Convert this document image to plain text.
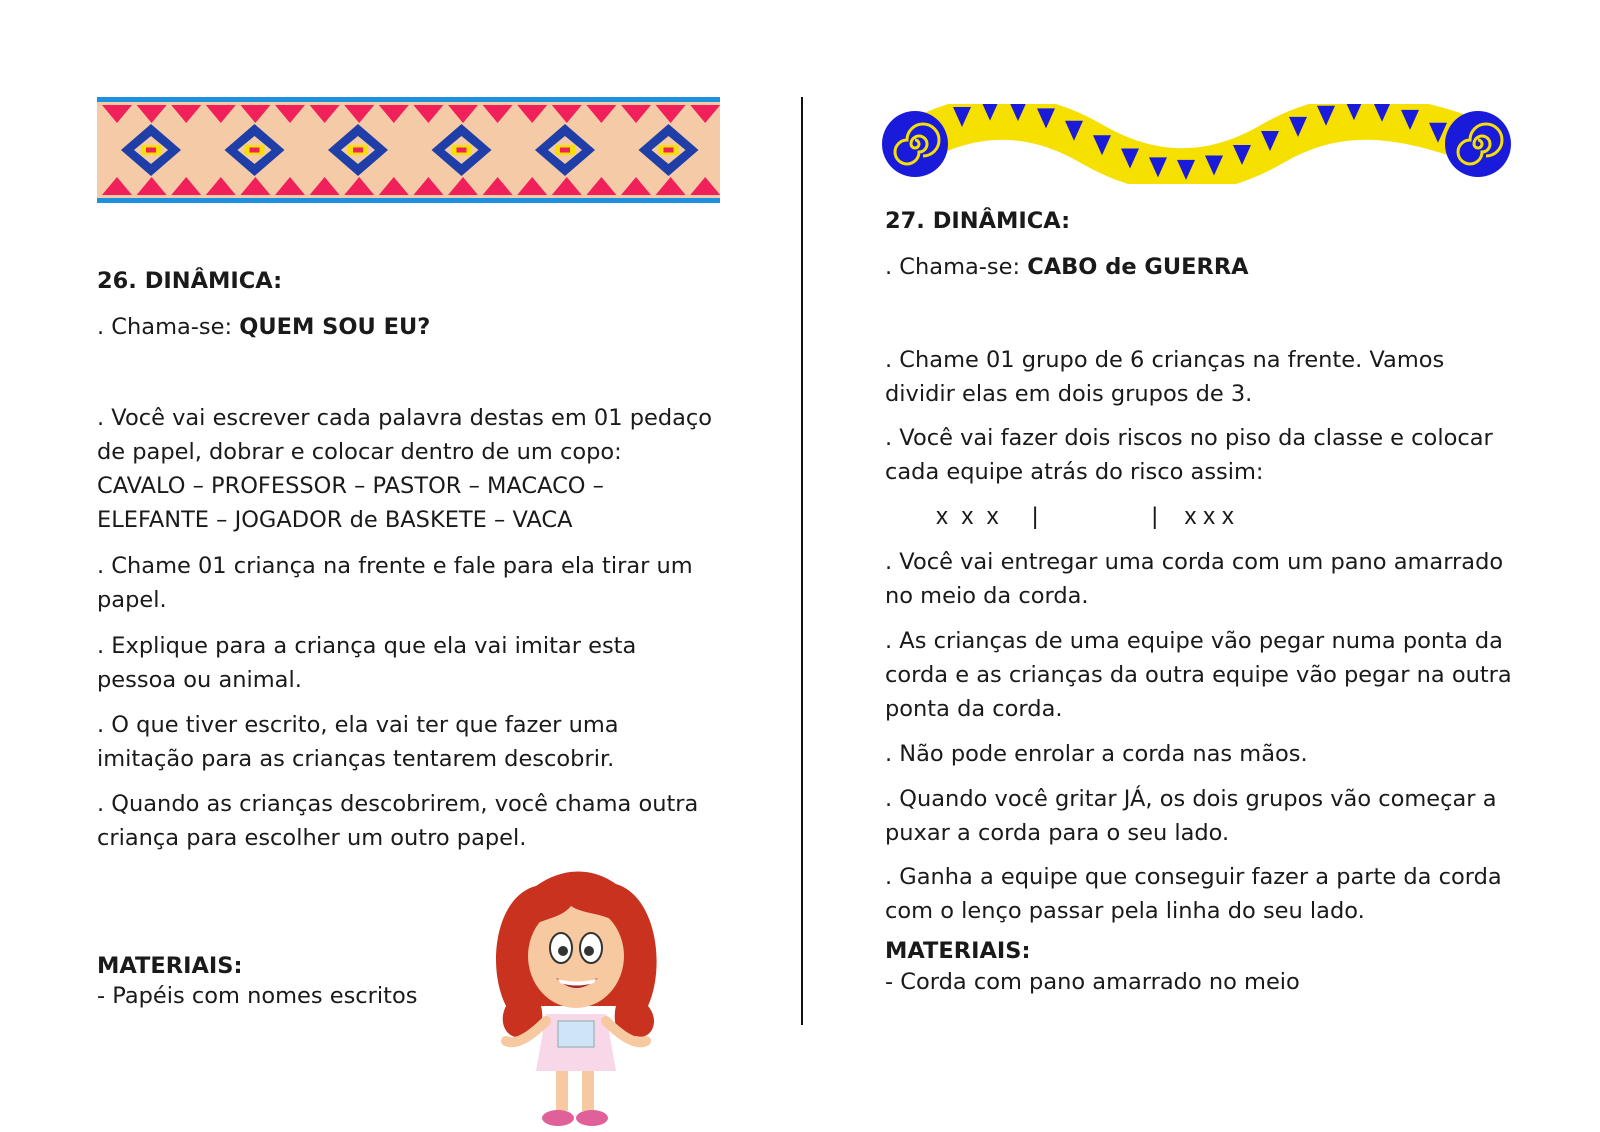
26. DINÂMICA:

. Chama-se: QUEM SOU EU?

. Você vai escrever cada palavra destas em 01 pedaço de papel, dobrar e colocar dentro de um copo: CAVALO – PROFESSOR – PASTOR – MACACO – ELEFANTE – JOGADOR de BASKETE – VACA

. Chame 01 criança na frente e fale para ela tirar um papel.

. Explique para a criança que ela vai imitar esta pessoa ou animal.

. O que tiver escrito, ela vai ter que fazer uma imitação para as crianças tentarem descobrir.

. Quando as crianças descobrirem, você chama outra criança para escolher um outro papel.

MATERIAIS:

- Papéis com nomes escritos

27. DINÂMICA:

. Chama-se: CABO de GUERRA

. Chame 01 grupo de 6 crianças na frente. Vamos dividir elas em dois grupos de 3.

. Você vai fazer dois riscos no piso da classe e colocar cada equipe atrás do risco assim:

x  x  x     |                 |    x x x

. Você vai entregar uma corda com um pano amarrado no meio da corda.

. As crianças de uma equipe vão pegar numa ponta da corda e as crianças da outra equipe vão pegar na outra ponta da corda.

. Não pode enrolar a corda nas mãos.

. Quando você gritar JÁ, os dois grupos vão começar a puxar a corda para o seu lado.

. Ganha a equipe que conseguir fazer a parte da corda com o lenço passar pela linha do seu lado.

MATERIAIS:

- Corda com pano amarrado no meio
